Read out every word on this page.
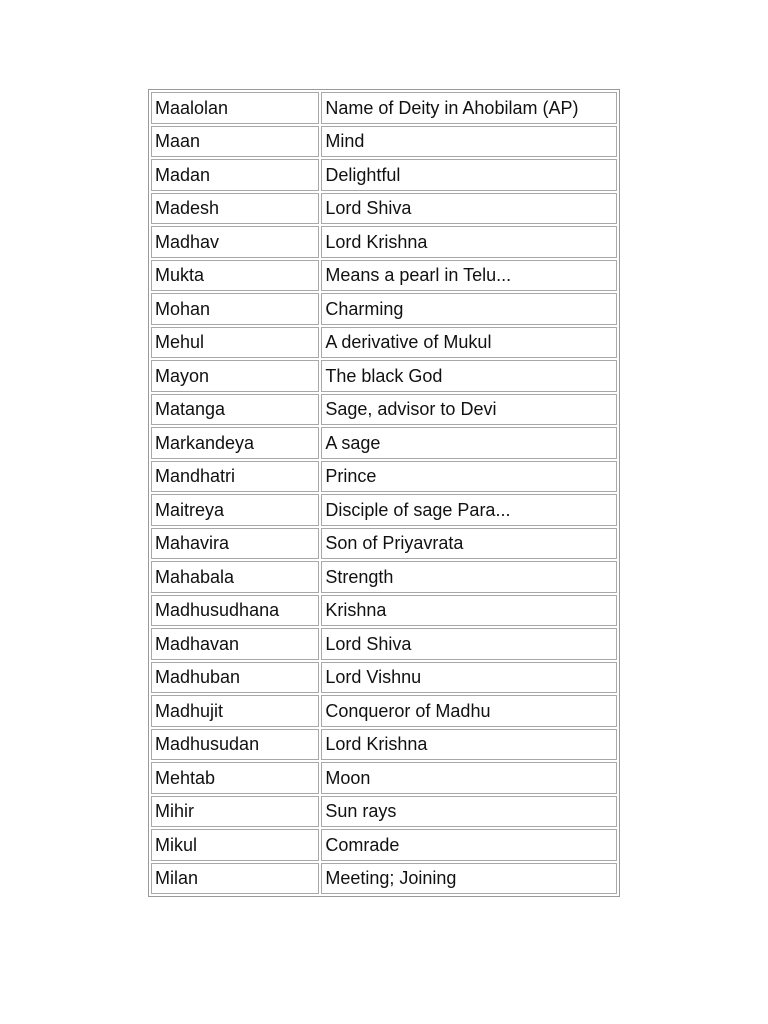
Maalolan	Name of Deity in Ahobilam (AP)
Maan	Mind
Madan	Delightful
Madesh	Lord Shiva
Madhav	Lord Krishna
Mukta	Means a pearl in Telu...
Mohan	Charming
Mehul	A derivative of Mukul
Mayon	The black God
Matanga	Sage, advisor to Devi
Markandeya	A sage
Mandhatri	Prince
Maitreya	Disciple of sage Para...
Mahavira	Son of Priyavrata
Mahabala	Strength
Madhusudhana	Krishna
Madhavan	Lord Shiva
Madhuban	Lord Vishnu
Madhujit	Conqueror of Madhu
Madhusudan	Lord Krishna
Mehtab	Moon
Mihir	Sun rays
Mikul	Comrade
Milan	Meeting; Joining
